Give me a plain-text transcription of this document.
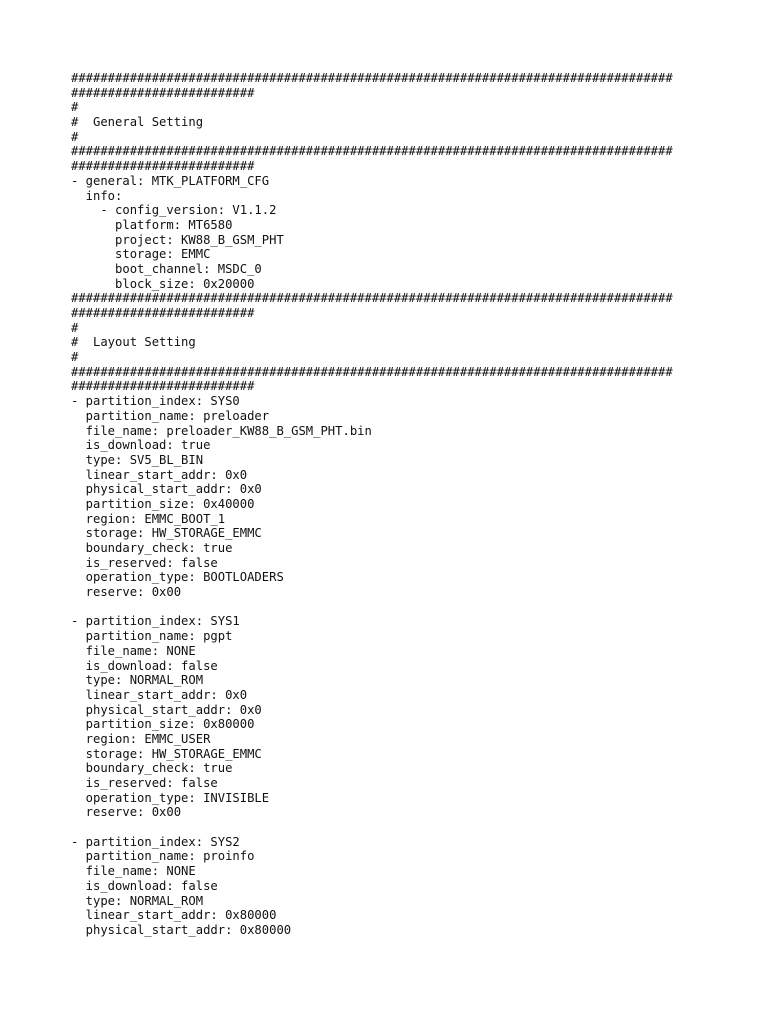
##################################################################################
#########################
#
#  General Setting
#
##################################################################################
#########################
- general: MTK_PLATFORM_CFG
info:
- config_version: V1.1.2
platform: MT6580
project: KW88_B_GSM_PHT
storage: EMMC
boot_channel: MSDC_0
block_size: 0x20000
##################################################################################
#########################
#
#  Layout Setting
#
##################################################################################
#########################
- partition_index: SYS0
partition_name: preloader
file_name: preloader_KW88_B_GSM_PHT.bin
is_download: true
type: SV5_BL_BIN
linear_start_addr: 0x0
physical_start_addr: 0x0
partition_size: 0x40000
region: EMMC_BOOT_1
storage: HW_STORAGE_EMMC
boundary_check: true
is_reserved: false
operation_type: BOOTLOADERS
reserve: 0x00
- partition_index: SYS1
partition_name: pgpt
file_name: NONE
is_download: false
type: NORMAL_ROM
linear_start_addr: 0x0
physical_start_addr: 0x0
partition_size: 0x80000
region: EMMC_USER
storage: HW_STORAGE_EMMC
boundary_check: true
is_reserved: false
operation_type: INVISIBLE
reserve: 0x00
- partition_index: SYS2
partition_name: proinfo
file_name: NONE
is_download: false
type: NORMAL_ROM
linear_start_addr: 0x80000
physical_start_addr: 0x80000
